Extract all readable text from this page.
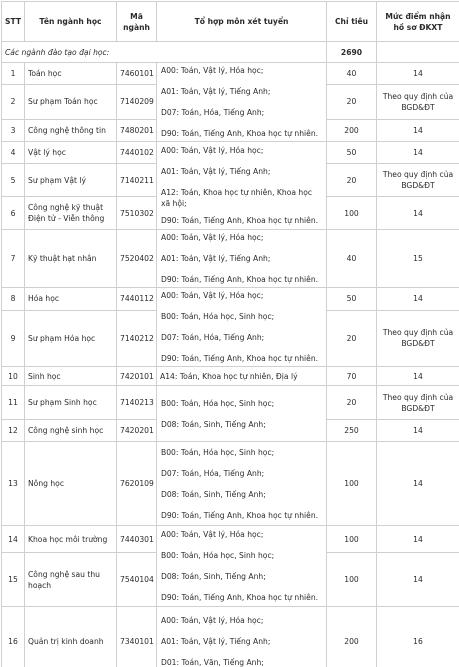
STT	Tên ngành học	Mã ngành	Tổ hợp môn xét tuyển	Chỉ tiêu	Mức điểm nhận hồ sơ ĐKXT
Các ngành đào tạo đại học:				2690	
1	Toán học	7460101	A00: Toán, Vật lý, Hóa học;
A01: Toán, Vật lý, Tiếng Anh;
D07: Toán, Hóa, Tiếng Anh;
D90: Toán, Tiếng Anh, Khoa học tự nhiên.	40	14
2	Sư phạm Toán học	7140209		20	Theo quy định của BGD&ĐT
3	Công nghệ thông tin	7480201		200	14
4	Vật lý học	7440102	A00: Toán, Vật lý, Hóa học;
A01: Toán, Vật lý, Tiếng Anh;
A12: Toán, Khoa học tự nhiên, Khoa học xã hội;
D90: Toán, Tiếng Anh, Khoa học tự nhiên.	50	14
5	Sư phạm Vật lý	7140211		20	Theo quy định của BGD&ĐT
6	Công nghệ kỹ thuật Điện tử - Viễn thông	7510302		100	14
7	Kỹ thuật hạt nhân	7520402	A00: Toán, Vật lý, Hóa học;
A01: Toán, Vật lý, Tiếng Anh;
D90: Toán, Tiếng Anh, Khoa học tự nhiên.	40	15
8	Hóa học	7440112	A00: Toán, Vật lý, Hóa học;
B00: Toán, Hóa học, Sinh học;
D07: Toán, Hóa, Tiếng Anh;
D90: Toán, Tiếng Anh, Khoa học tự nhiên.	50	14
9	Sư phạm Hóa học	7140212		20	Theo quy định của BGD&ĐT
10	Sinh học	7420101	A14: Toán, Khoa học tự nhiên, Địa lý	70	14
11	Sư phạm Sinh học	7140213	B00: Toán, Hóa học, Sinh học;
D08: Toán, Sinh, Tiếng Anh;	20	Theo quy định của BGD&ĐT
12	Công nghệ sinh học	7420201		250	14
13	Nông học	7620109	B00: Toán, Hóa học, Sinh học;
D07: Toán, Hóa, Tiếng Anh;
D08: Toán, Sinh, Tiếng Anh;
D90: Toán, Tiếng Anh, Khoa học tự nhiên.	100	14
14	Khoa học môi trường	7440301	A00: Toán, Vật lý, Hóa học;
B00: Toán, Hóa học, Sinh học;
D08: Toán, Sinh, Tiếng Anh;
D90: Toán, Tiếng Anh, Khoa học tự nhiên.	100	14
15	Công nghệ sau thu hoạch	7540104		100	14
16	Quản trị kinh doanh	7340101	A00: Toán, Vật lý, Hóa học;
A01: Toán, Vật lý, Tiếng Anh;
D01: Toán, Văn, Tiếng Anh;	200	16
